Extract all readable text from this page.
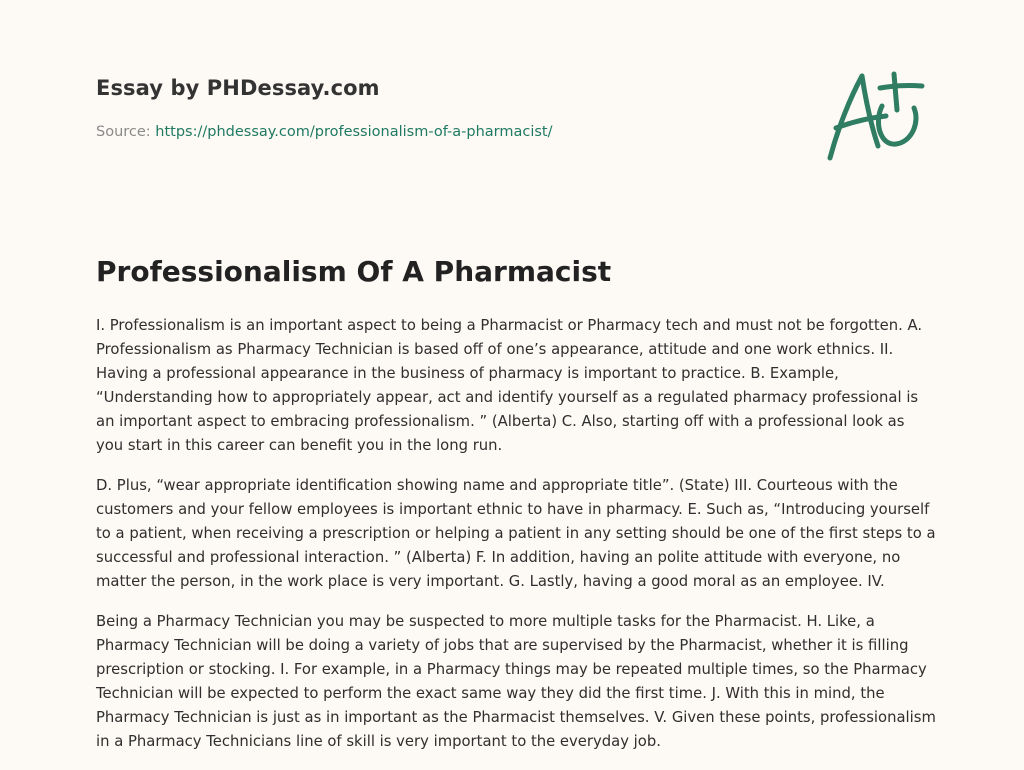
Essay by PHDessay.com
Source: https://phdessay.com/professionalism-of-a-pharmacist/
Professionalism Of A Pharmacist

I. Professionalism is an important aspect to being a Pharmacist or Pharmacy tech and must not be forgotten. A. Professionalism as Pharmacy Technician is based off of one’s appearance, attitude and one work ethnics. II. Having a professional appearance in the business of pharmacy is important to practice. B. Example, “Understanding how to appropriately appear, act and identify yourself as a regulated pharmacy professional is an important aspect to embracing professionalism. ” (Alberta) C. Also, starting off with a professional look as you start in this career can benefit you in the long run.

D. Plus, “wear appropriate identification showing name and appropriate title”. (State) III. Courteous with the customers and your fellow employees is important ethnic to have in pharmacy. E. Such as, “Introducing yourself to a patient, when receiving a prescription or helping a patient in any setting should be one of the first steps to a successful and professional interaction. ” (Alberta) F. In addition, having an polite attitude with everyone, no matter the person, in the work place is very important. G. Lastly, having a good moral as an employee. IV.

Being a Pharmacy Technician you may be suspected to more multiple tasks for the Pharmacist. H. Like, a Pharmacy Technician will be doing a variety of jobs that are supervised by the Pharmacist, whether it is filling prescription or stocking. I. For example, in a Pharmacy things may be repeated multiple times, so the Pharmacy Technician will be expected to perform the exact same way they did the first time. J. With this in mind, the Pharmacy Technician is just as in important as the Pharmacist themselves. V. Given these points, professionalism in a Pharmacy Technicians line of skill is very important to the everyday job.
